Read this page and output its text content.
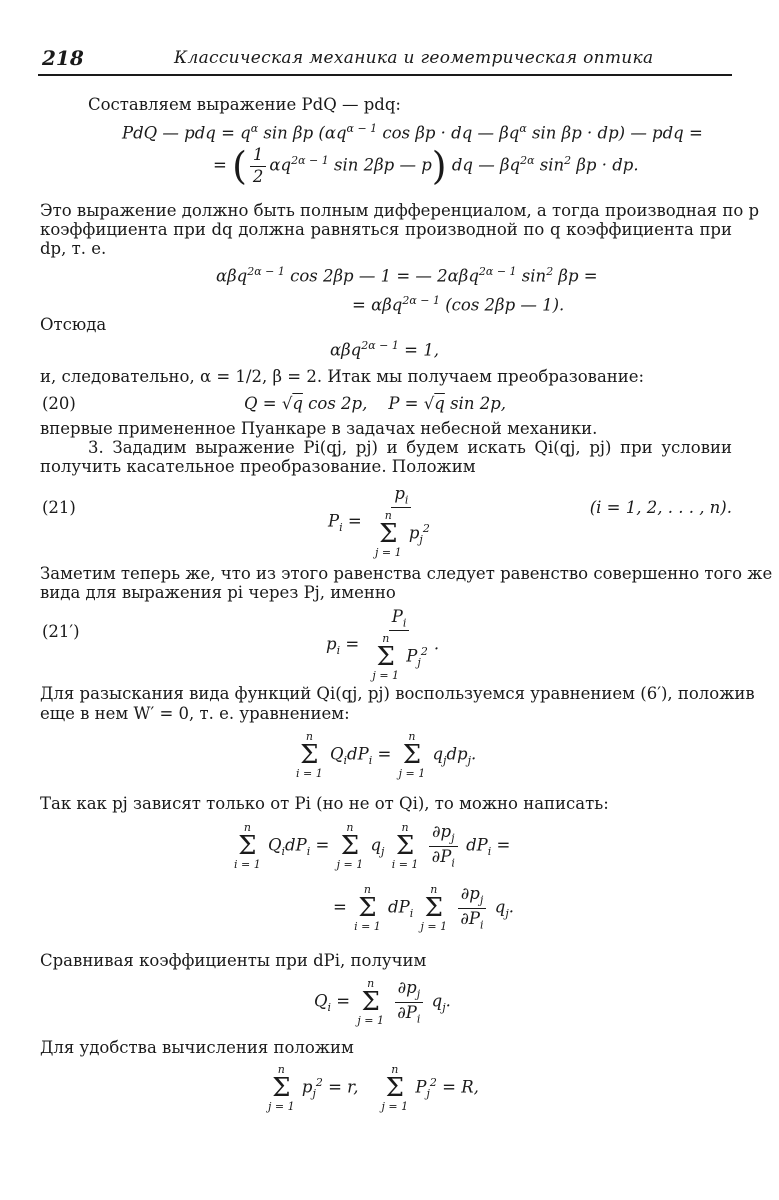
218	Классическая механика и геометрическая оптика
Составляем выражение PdQ — pdq:
PdQ — pdq = $q^\alpha$ sin βp ($\alpha q^{\alpha - 1}$ cos βp · dq — $\beta q^\alpha$ sin βp · dp) — pdq =
= ( $\frac{1}{2} \alpha q^{2\alpha - 1}$ sin 2βp — p) dq — $\beta q^{2\alpha}$ $\sin^2 \beta p$ · dp.
Это выражение должно быть полным дифференциалом, а тогда производная по p
коэффициента при dq должна равняться производной по q коэффициента при
dp, т. е.
αβq$^{2\alpha - 1}$ cos 2βp — 1 = — 2αβq$^{2\alpha - 1}$ $\sin^2 \beta p$ =
= αβq$^{2\alpha - 1}$ (cos 2βp — 1).
Отсюда
αβq$^{2\alpha - 1}$ = 1,
и, следовательно, α = 1/2, β = 2. Итак мы получаем преобразование:
(20)	Q = √q cos 2p,    P = √q sin 2p,
впервые примененное Пуанкаре в задачах небесной механики.
3. Зададим выражение Pi(qj, pj) и будем искать Qi(qj, pj) при условии
получить касательное преобразование. Положим
(21)
$P_i = p_i$
n
Σ
j = 1
$p_j^2$	(i = 1, 2, . . . , n).
Заметим теперь же, что из этого равенства следует равенство совершенно того же
вида для выражения pi через Pj, именно
(21′)
$p_i = P_i$
n
Σ
j = 1
$P_j^2$ .
Для разыскания вида функций Qi(qj, pj) воспользуемся уравнением (6′), положив
еще в нем W′ = 0, т. е. уравнением:
n
Σ
i = 1
$Q_idP_i$ =
n
Σ
j = 1
$q_jdp_j$.
Так как pj зависят только от Pi (но не от Qi), то можно написать:
n
Σ
i = 1
$Q_idP_i$ =
n
Σ
j = 1
$q_j$
n
Σ
i = 1
$\frac{\partial p_j}{\partial P_i} dP_i$ =
=
n
Σ
i = 1
$dP_i$
n
Σ
j = 1
$\frac{\partial p_j}{\partial P_i} q_j$.
Сравнивая коэффициенты при dPi, получим
$Q_i$ =
n
Σ
j = 1
$\frac{\partial p_j}{\partial P_i} q_j$.
Для удобства вычисления положим
n
Σ
j = 1
$p_j^2 = r$,
n
Σ
j = 1
$P_j^2 = R$,
